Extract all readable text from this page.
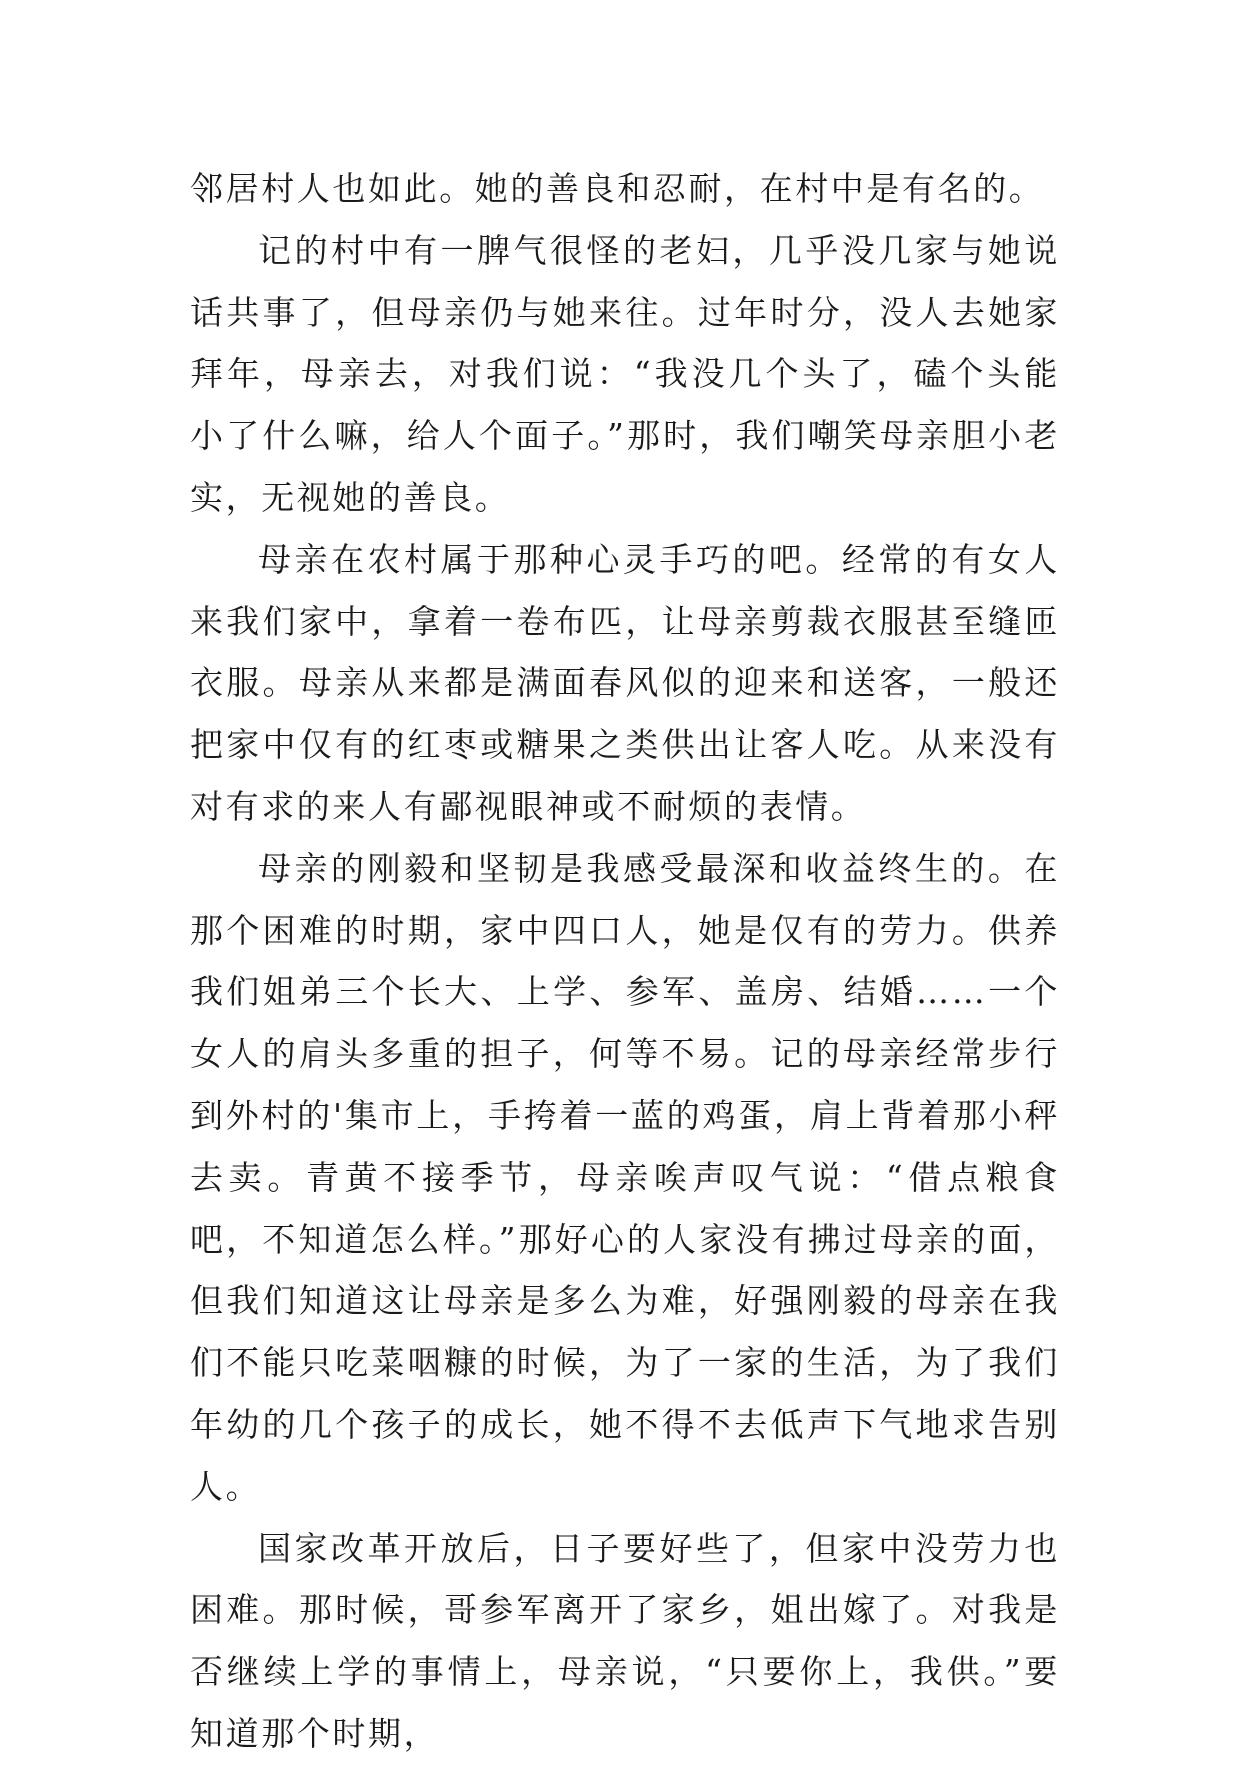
邻居村人也如此。她的善良和忍耐，在村中是有名的。

记的村中有一脾气很怪的老妇，几乎没几家与她说话共事了，但母亲仍与她来往。过年时分，没人去她家拜年，母亲去，对我们说：“我没几个头了，磕个头能小了什么嘛，给人个面子。”那时，我们嘲笑母亲胆小老实，无视她的善良。

母亲在农村属于那种心灵手巧的吧。经常的有女人来我们家中，拿着一卷布匹，让母亲剪裁衣服甚至缝匝衣服。母亲从来都是满面春风似的迎来和送客，一般还把家中仅有的红枣或糖果之类供出让客人吃。从来没有对有求的来人有鄙视眼神或不耐烦的表情。

母亲的刚毅和坚韧是我感受最深和收益终生的。在那个困难的时期，家中四口人，她是仅有的劳力。供养我们姐弟三个长大、上学、参军、盖房、结婚……一个女人的肩头多重的担子，何等不易。记的母亲经常步行到外村的'集市上，手挎着一蓝的鸡蛋，肩上背着那小秤去卖。青黄不接季节，母亲唉声叹气说：“借点粮食吧，不知道怎么样。”那好心的人家没有拂过母亲的面，但我们知道这让母亲是多么为难，好强刚毅的母亲在我们不能只吃菜咽糠的时候，为了一家的生活，为了我们年幼的几个孩子的成长，她不得不去低声下气地求告别人。

国家改革开放后，日子要好些了，但家中没劳力也困难。那时候，哥参军离开了家乡，姐出嫁了。对我是否继续上学的事情上，母亲说，“只要你上，我供。”要知道那个时期，
